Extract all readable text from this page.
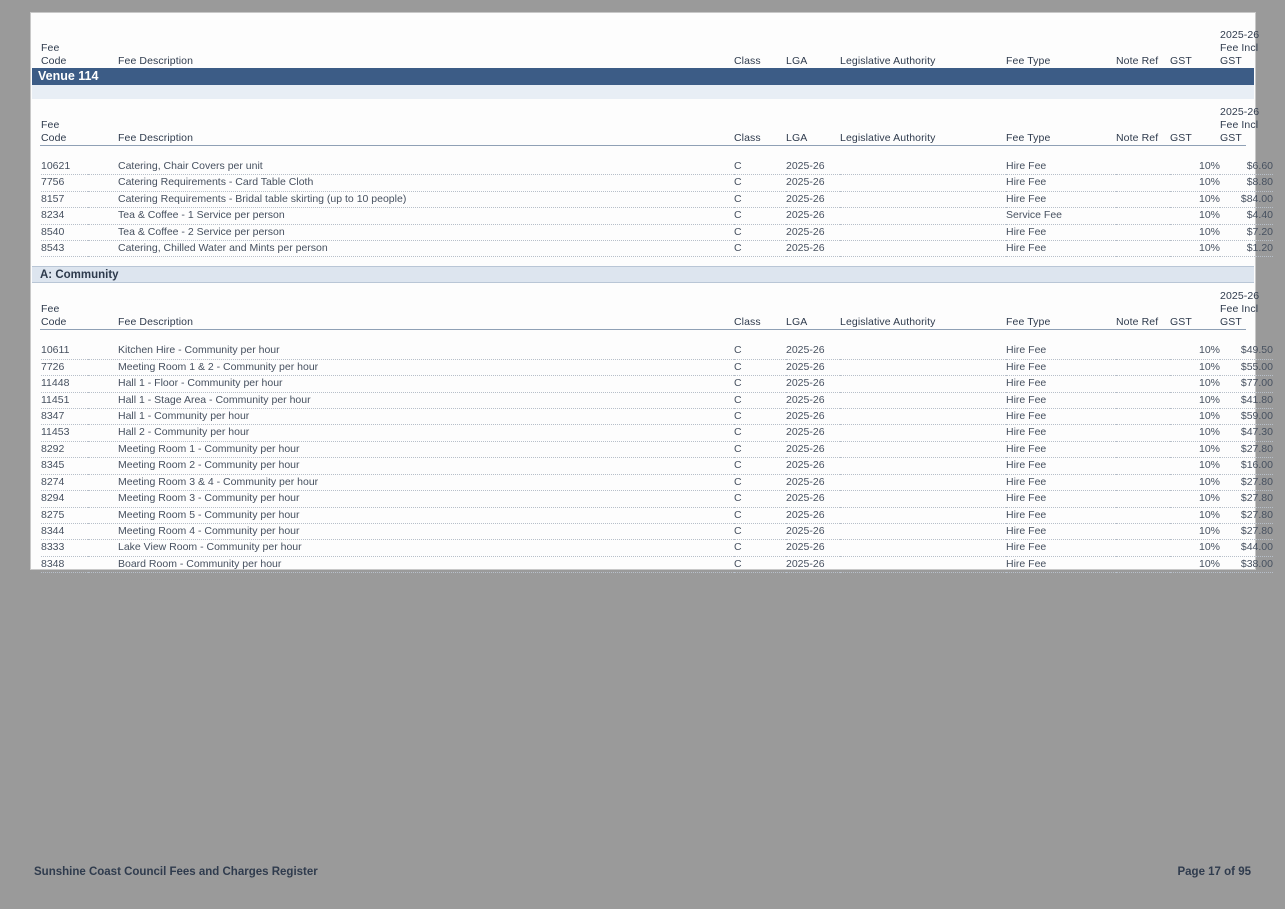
Fee
Code	Fee Description	Class	LGA	Legislative Authority	Fee Type	Note Ref	GST

2025-26
Fee Incl
GST
Venue 114
Fee
Code	Fee Description	Class	LGA	Legislative Authority	Fee Type	Note Ref	GST

2025-26
Fee Incl
GST
10621	Catering, Chair Covers per unit	C	2025-26		Hire Fee		10%	$6.60
7756	Catering Requirements - Card Table Cloth	C	2025-26		Hire Fee		10%	$8.80
8157	Catering Requirements - Bridal table skirting (up to 10 people)	C	2025-26		Hire Fee		10%	$84.00
8234	Tea & Coffee - 1 Service per person	C	2025-26		Service Fee		10%	$4.40
8540	Tea & Coffee - 2 Service per person	C	2025-26		Hire Fee		10%	$7.20
8543	Catering, Chilled Water and Mints per person	C	2025-26		Hire Fee		10%	$1.20
A: Community
Fee
Code	Fee Description	Class	LGA	Legislative Authority	Fee Type	Note Ref	GST

2025-26
Fee Incl
GST
10611	Kitchen Hire - Community per hour	C	2025-26		Hire Fee		10%	$49.50
7726	Meeting Room 1 & 2 - Community per hour	C	2025-26		Hire Fee		10%	$55.00
11448	Hall 1 - Floor - Community per hour	C	2025-26		Hire Fee		10%	$77.00
11451	Hall 1 - Stage Area - Community per hour	C	2025-26		Hire Fee		10%	$41.80
8347	Hall 1 - Community per hour	C	2025-26		Hire Fee		10%	$59.00
11453	Hall 2 - Community per hour	C	2025-26		Hire Fee		10%	$47.30
8292	Meeting Room 1 - Community per hour	C	2025-26		Hire Fee		10%	$27.80
8345	Meeting Room 2 - Community per hour	C	2025-26		Hire Fee		10%	$16.00
8274	Meeting Room 3 & 4 - Community per hour	C	2025-26		Hire Fee		10%	$27.80
8294	Meeting Room 3 - Community per hour	C	2025-26		Hire Fee		10%	$27.80
8275	Meeting Room 5 - Community per hour	C	2025-26		Hire Fee		10%	$27.80
8344	Meeting Room 4 - Community per hour	C	2025-26		Hire Fee		10%	$27.80
8333	Lake View Room - Community per hour	C	2025-26		Hire Fee		10%	$44.00
8348	Board Room - Community per hour	C	2025-26		Hire Fee		10%	$38.00
Sunshine Coast Council Fees and Charges Register	Page 17 of 95
